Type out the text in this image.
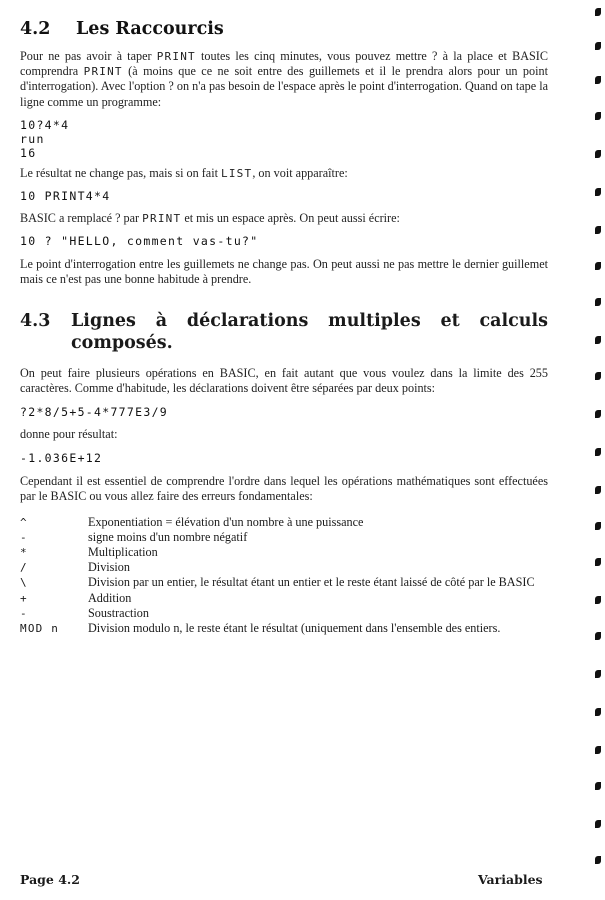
4.2 Les Raccourcis

Pour ne pas avoir à taper PRINT toutes les cinq minutes, vous pouvez mettre ? à la place et BASIC comprendra PRINT (à moins que ce ne soit entre des guillemets et il le prendra alors pour un point d'interrogation). Avec l'option ? on n'a pas besoin de l'espace après le point d'interrogation. Quand on tape la ligne comme un programme:

10?4*4
run
16

Le résultat ne change pas, mais si on fait LIST, on voit apparaître:

10 PRINT4*4

BASIC a remplacé ? par PRINT et mis un espace après. On peut aussi écrire:

10 ? "HELLO, comment vas-tu?"

Le point d'interrogation entre les guillemets ne change pas. On peut aussi ne pas mettre le dernier guillemet mais ce n'est pas une bonne habitude à prendre.

4.3	Lignes à déclarations multiples et calculs
composés.

On peut faire plusieurs opérations en BASIC, en fait autant que vous voulez dans la limite des 255 caractères. Comme d'habitude, les déclarations doivent être séparées par deux points:

?2*8/5+5-4*777E3/9

donne pour résultat:

-1.036E+12

Cependant il est essentiel de comprendre l'ordre dans lequel les opérations mathématiques sont effectuées par le BASIC ou vous allez faire des erreurs fondamentales:

^	Exponentiation = élévation d'un nombre à une puissance
-	signe moins d'un nombre négatif
*	Multiplication
/	Division
\	Division par un entier, le résultat étant un entier et le reste étant laissé de côté par le BASIC
+	Addition
-	Soustraction
MOD n	Division modulo n, le reste étant le résultat (uniquement dans l'ensemble des entiers.
Page 4.2	Variables
